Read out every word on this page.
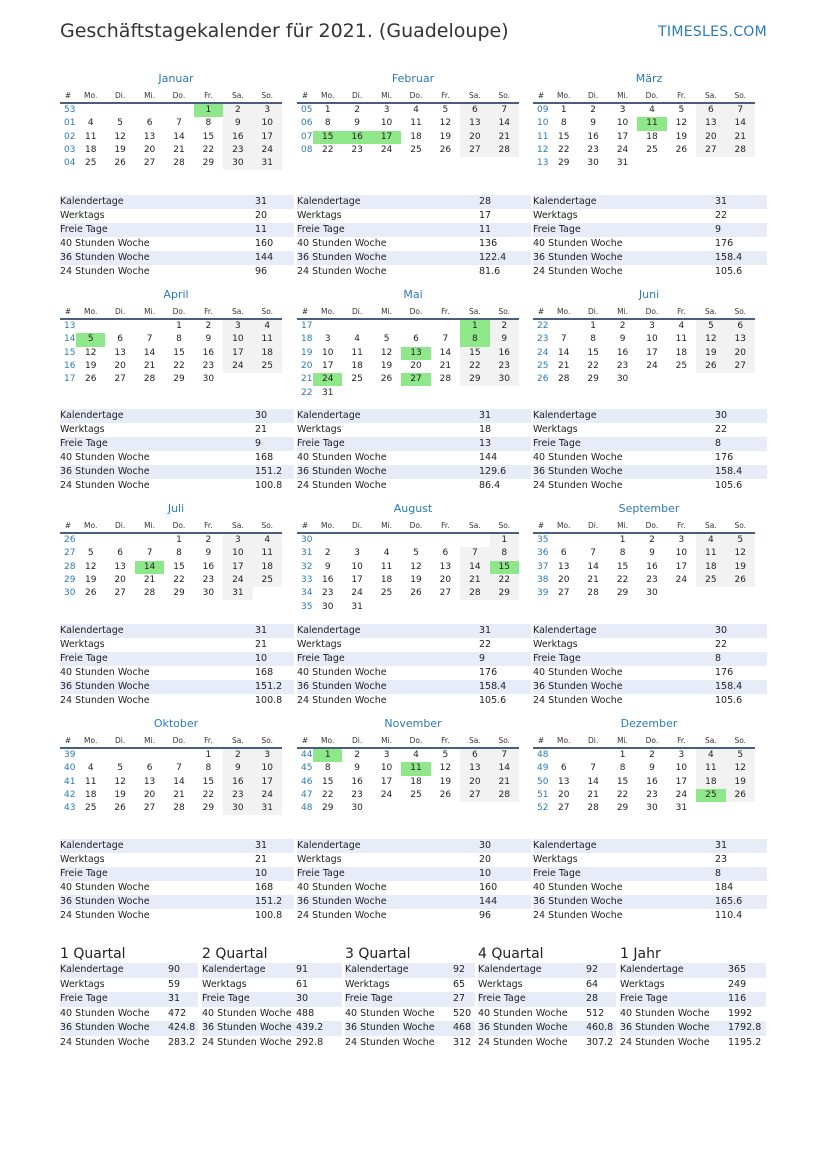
Geschäftstagekalender für 2021. (Guadeloupe)	TIMESLES.COM
Januar
#	Mo.	Di.	Mi.	Do.	Fr.	Sa.	So.
53					1	2	3
01	4	5	6	7	8	9	10
02	11	12	13	14	15	16	17
03	18	19	20	21	22	23	24
04	25	26	27	28	29	30	31
Kalendertage	31
Werktags	20
Freie Tage	11
40 Stunden Woche	160
36 Stunden Woche	144
24 Stunden Woche	96
Februar
#	Mo.	Di.	Mi.	Do.	Fr.	Sa.	So.
05	1	2	3	4	5	6	7
06	8	9	10	11	12	13	14
07	15	16	17	18	19	20	21
08	22	23	24	25	26	27	28
Kalendertage	28
Werktags	17
Freie Tage	11
40 Stunden Woche	136
36 Stunden Woche	122.4
24 Stunden Woche	81.6
März
#	Mo.	Di.	Mi.	Do.	Fr.	Sa.	So.
09	1	2	3	4	5	6	7
10	8	9	10	11	12	13	14
11	15	16	17	18	19	20	21
12	22	23	24	25	26	27	28
13	29	30	31				
Kalendertage	31
Werktags	22
Freie Tage	9
40 Stunden Woche	176
36 Stunden Woche	158.4
24 Stunden Woche	105.6
April
#	Mo.	Di.	Mi.	Do.	Fr.	Sa.	So.
13				1	2	3	4
14	5	6	7	8	9	10	11
15	12	13	14	15	16	17	18
16	19	20	21	22	23	24	25
17	26	27	28	29	30		
Kalendertage	30
Werktags	21
Freie Tage	9
40 Stunden Woche	168
36 Stunden Woche	151.2
24 Stunden Woche	100.8
Mai
#	Mo.	Di.	Mi.	Do.	Fr.	Sa.	So.
17						1	2
18	3	4	5	6	7	8	9
19	10	11	12	13	14	15	16
20	17	18	19	20	21	22	23
21	24	25	26	27	28	29	30
22	31						
Kalendertage	31
Werktags	18
Freie Tage	13
40 Stunden Woche	144
36 Stunden Woche	129.6
24 Stunden Woche	86.4
Juni
#	Mo.	Di.	Mi.	Do.	Fr.	Sa.	So.
22		1	2	3	4	5	6
23	7	8	9	10	11	12	13
24	14	15	16	17	18	19	20
25	21	22	23	24	25	26	27
26	28	29	30				
Kalendertage	30
Werktags	22
Freie Tage	8
40 Stunden Woche	176
36 Stunden Woche	158.4
24 Stunden Woche	105.6
Juli
#	Mo.	Di.	Mi.	Do.	Fr.	Sa.	So.
26				1	2	3	4
27	5	6	7	8	9	10	11
28	12	13	14	15	16	17	18
29	19	20	21	22	23	24	25
30	26	27	28	29	30	31	
Kalendertage	31
Werktags	21
Freie Tage	10
40 Stunden Woche	168
36 Stunden Woche	151.2
24 Stunden Woche	100.8
August
#	Mo.	Di.	Mi.	Do.	Fr.	Sa.	So.
30							1
31	2	3	4	5	6	7	8
32	9	10	11	12	13	14	15
33	16	17	18	19	20	21	22
34	23	24	25	26	27	28	29
35	30	31					
Kalendertage	31
Werktags	22
Freie Tage	9
40 Stunden Woche	176
36 Stunden Woche	158.4
24 Stunden Woche	105.6
September
#	Mo.	Di.	Mi.	Do.	Fr.	Sa.	So.
35			1	2	3	4	5
36	6	7	8	9	10	11	12
37	13	14	15	16	17	18	19
38	20	21	22	23	24	25	26
39	27	28	29	30			
Kalendertage	30
Werktags	22
Freie Tage	8
40 Stunden Woche	176
36 Stunden Woche	158.4
24 Stunden Woche	105.6
Oktober
#	Mo.	Di.	Mi.	Do.	Fr.	Sa.	So.
39					1	2	3
40	4	5	6	7	8	9	10
41	11	12	13	14	15	16	17
42	18	19	20	21	22	23	24
43	25	26	27	28	29	30	31
Kalendertage	31
Werktags	21
Freie Tage	10
40 Stunden Woche	168
36 Stunden Woche	151.2
24 Stunden Woche	100.8
November
#	Mo.	Di.	Mi.	Do.	Fr.	Sa.	So.
44	1	2	3	4	5	6	7
45	8	9	10	11	12	13	14
46	15	16	17	18	19	20	21
47	22	23	24	25	26	27	28
48	29	30					
Kalendertage	30
Werktags	20
Freie Tage	10
40 Stunden Woche	160
36 Stunden Woche	144
24 Stunden Woche	96
Dezember
#	Mo.	Di.	Mi.	Do.	Fr.	Sa.	So.
48			1	2	3	4	5
49	6	7	8	9	10	11	12
50	13	14	15	16	17	18	19
51	20	21	22	23	24	25	26
52	27	28	29	30	31		
Kalendertage	31
Werktags	23
Freie Tage	8
40 Stunden Woche	184
36 Stunden Woche	165.6
24 Stunden Woche	110.4
1 Quartal
Kalendertage	90
Werktags	59
Freie Tage	31
40 Stunden Woche 472
36 Stunden Woche 424.8
24 Stunden Woche 283.2
2 Quartal
Kalendertage	91
Werktags	61
Freie Tage	30
40 Stunden Woche 488
36 Stunden Woche 439.2
24 Stunden Woche 292.8
3 Quartal
Kalendertage	92
Werktags	65
Freie Tage	27
40 Stunden Woche 520
36 Stunden Woche 468
24 Stunden Woche 312
4 Quartal
Kalendertage	92
Werktags	64
Freie Tage	28
40 Stunden Woche 512
36 Stunden Woche 460.8
24 Stunden Woche 307.2
1 Jahr
Kalendertage	365
Werktags	249
Freie Tage	116
40 Stunden Woche 1992
36 Stunden Woche 1792.8
24 Stunden Woche 1195.2
